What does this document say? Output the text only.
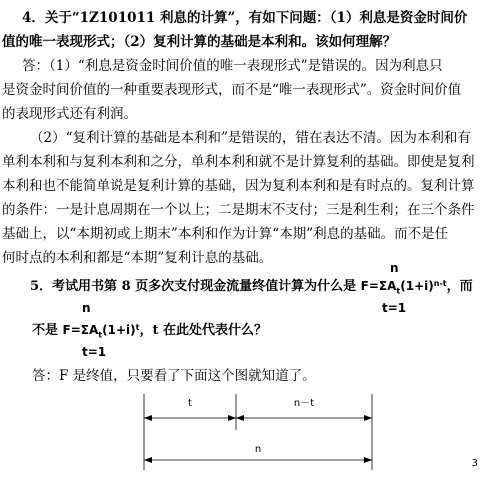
4．关于“1Z101011 利息的计算”，有如下问题：（1）利息是资金时间价
值的唯一表现形式；（2）复利计算的基础是本利和。该如何理解？
答：（1）“利息是资金时间价值的唯一表现形式”是错误的。因为利息只
是资金时间价值的一种重要表现形式，而不是“唯一表现形式”。资金时间价值
的表现形式还有利润。
（2）“复利计算的基础是本利和”是错误的，错在表达不清。因为本利和有
单利本利和与复利本利和之分，单利本利和就不是计算复利的基础。即使是复利
本利和也不能简单说是复利计算的基础，因为复利本利和是有时点的。复利计算
的条件：一是计息周期在一个以上；二是期末不支付；三是利生利；在三个条件
基础上，以“本期初或上期末”本利和作为计算“本期”利息的基础。而不是任
何时点的本利和都是“本期”复利计息的基础。
n
5．考试用书第 8 页多次支付现金流量终值计算为什么是 $F=\Sigma A_t(1+i)^{n-t}$，而
t=1
n
不是 $F=\Sigma A_t(1+i)^t$，t 在此处代表什么？
t=1
答：F 是终值，只要看了下面这个图就知道了。
t	n－t
n
3
